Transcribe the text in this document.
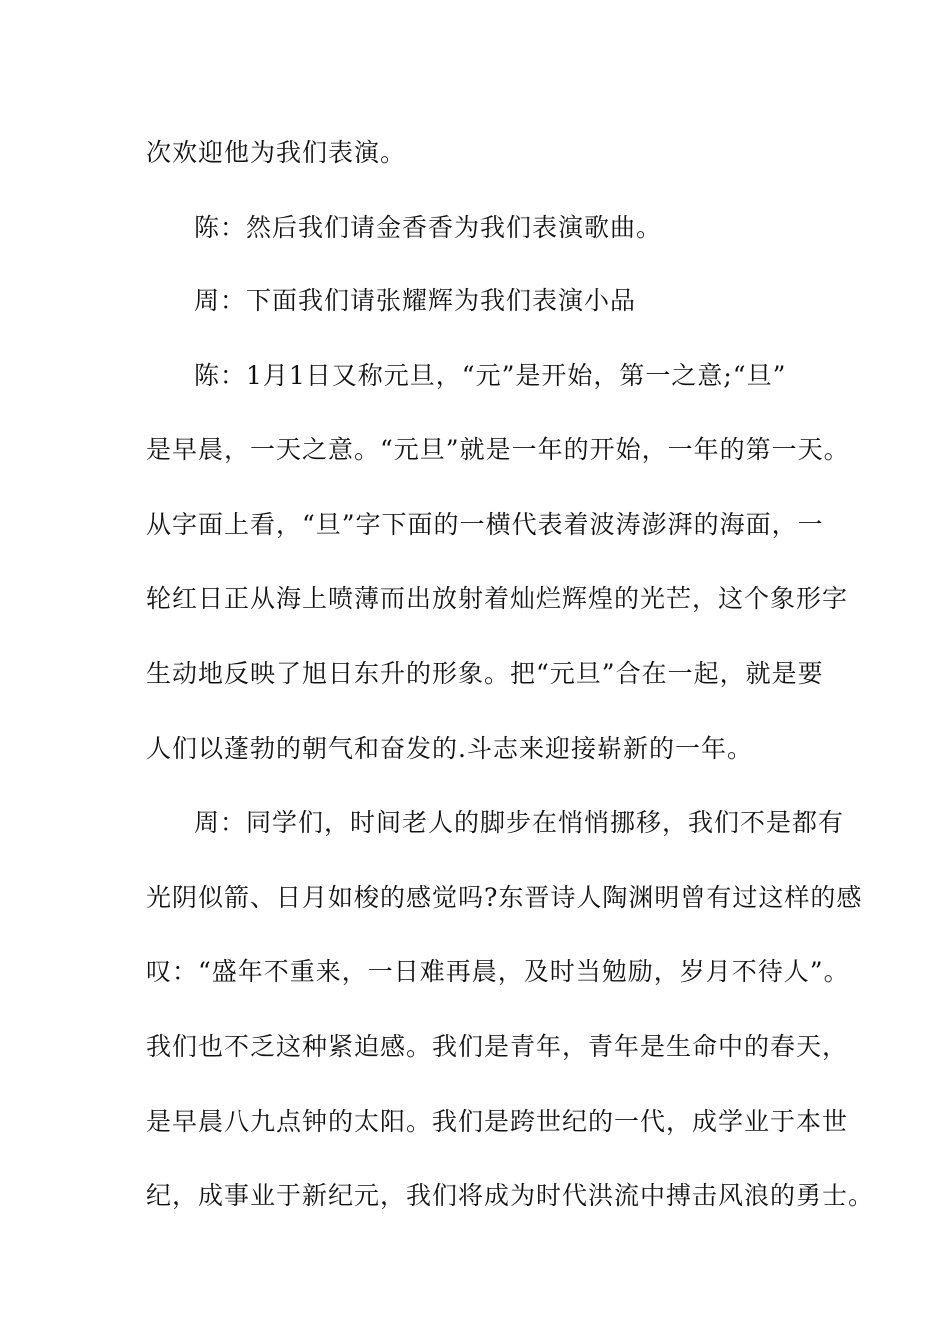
次欢迎他为我们表演。
陈：然后我们请金香香为我们表演歌曲。
周：下面我们请张耀辉为我们表演小品
陈：1月1日又称元旦，“元”是开始，第一之意;“旦”
是早晨，一天之意。“元旦”就是一年的开始，一年的第一天。
从字面上看，“旦”字下面的一横代表着波涛澎湃的海面，一
轮红日正从海上喷薄而出放射着灿烂辉煌的光芒，这个象形字
生动地反映了旭日东升的形象。把“元旦”合在一起，就是要
人们以蓬勃的朝气和奋发的.斗志来迎接崭新的一年。
周：同学们，时间老人的脚步在悄悄挪移，我们不是都有
光阴似箭、日月如梭的感觉吗?东晋诗人陶渊明曾有过这样的感
叹：“盛年不重来，一日难再晨，及时当勉励，岁月不待人”。
我们也不乏这种紧迫感。我们是青年，青年是生命中的春天，
是早晨八九点钟的太阳。我们是跨世纪的一代，成学业于本世
纪，成事业于新纪元，我们将成为时代洪流中搏击风浪的勇士。
